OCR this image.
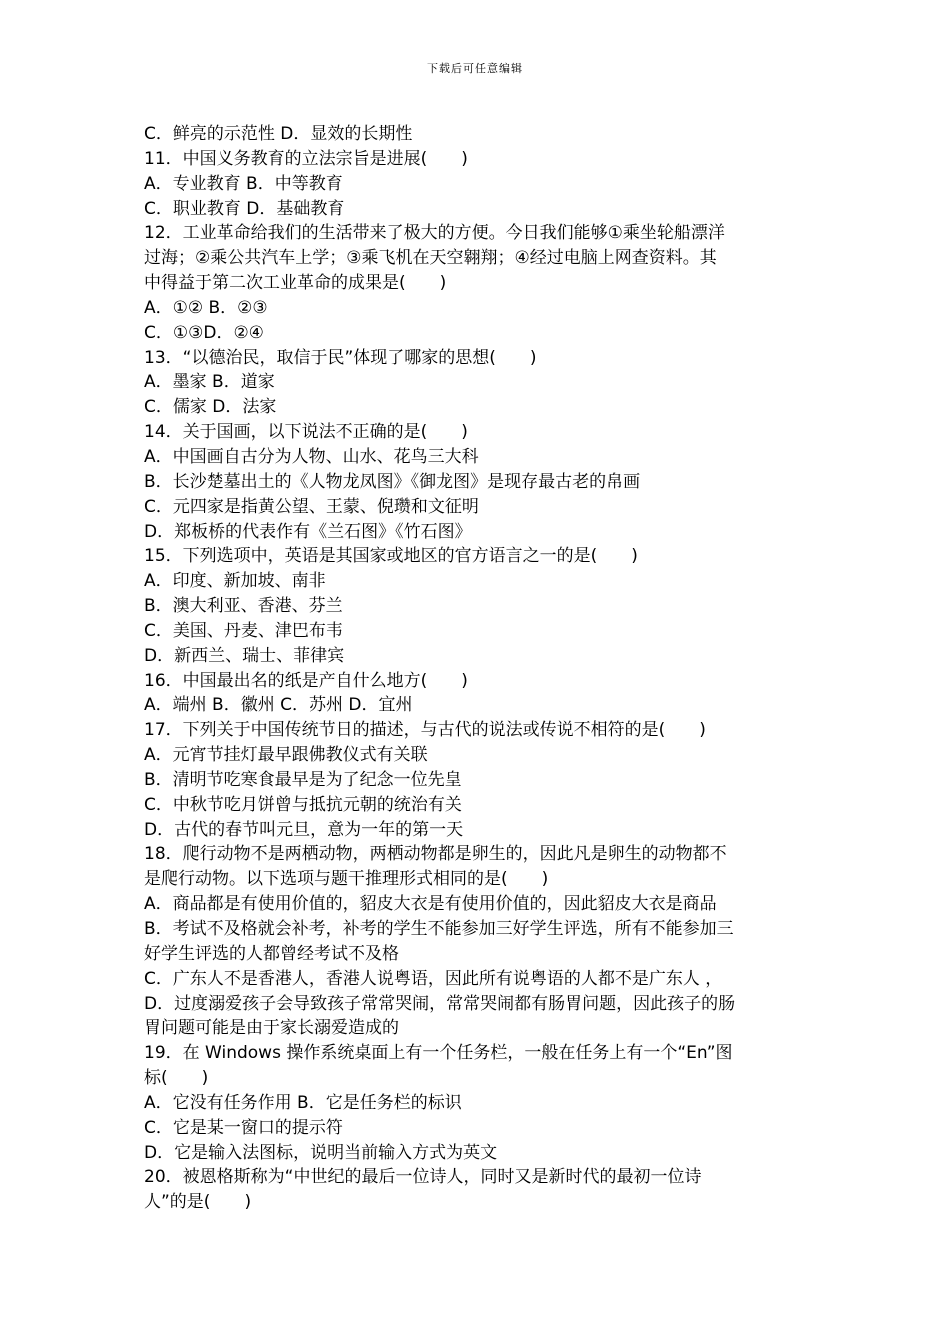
下载后可任意编辑
C．鲜亮的示范性 D．显效的长期性
11．中国义务教育的立法宗旨是进展(　　)
A．专业教育 B．中等教育
C．职业教育 D．基础教育
12．工业革命给我们的生活带来了极大的方便。今日我们能够①乘坐轮船漂洋
过海；②乘公共汽车上学；③乘飞机在天空翱翔；④经过电脑上网查资料。其
中得益于第二次工业革命的成果是(　　)
A．①② B．②③
C．①③D．②④
13．“以德治民，取信于民”体现了哪家的思想(　　)
A．墨家 B．道家
C．儒家 D．法家
14．关于国画，以下说法不正确的是(　　)
A．中国画自古分为人物、山水、花鸟三大科
B．长沙楚墓出土的《人物龙凤图》《御龙图》是现存最古老的帛画
C．元四家是指黄公望、王蒙、倪瓒和文征明
D．郑板桥的代表作有《兰石图》《竹石图》
15．下列选项中，英语是其国家或地区的官方语言之一的是(　　)
A．印度、新加坡、南非
B．澳大利亚、香港、芬兰
C．美国、丹麦、津巴布韦
D．新西兰、瑞士、菲律宾
16．中国最出名的纸是产自什么地方(　　)
A．端州 B．徽州 C．苏州 D．宜州
17．下列关于中国传统节日的描述，与古代的说法或传说不相符的是(　　)
A．元宵节挂灯最早跟佛教仪式有关联
B．清明节吃寒食最早是为了纪念一位先皇
C．中秋节吃月饼曾与抵抗元朝的统治有关
D．古代的春节叫元旦，意为一年的第一天
18．爬行动物不是两栖动物，两栖动物都是卵生的，因此凡是卵生的动物都不
是爬行动物。以下选项与题干推理形式相同的是(　　)
A．商品都是有使用价值的，貂皮大衣是有使用价值的，因此貂皮大衣是商品
B．考试不及格就会补考，补考的学生不能参加三好学生评选，所有不能参加三
好学生评选的人都曾经考试不及格
C．广东人不是香港人，香港人说粤语，因此所有说粤语的人都不是广东人 ，
D．过度溺爱孩子会导致孩子常常哭闹，常常哭闹都有肠胃问题，因此孩子的肠
胃问题可能是由于家长溺爱造成的
19．在 Windows 操作系统桌面上有一个任务栏，一般在任务上有一个“En”图
标(　　)
A．它没有任务作用 B．它是任务栏的标识
C．它是某一窗口的提示符
D．它是输入法图标，说明当前输入方式为英文
20．被恩格斯称为“中世纪的最后一位诗人，同时又是新时代的最初一位诗
人”的是(　　)
